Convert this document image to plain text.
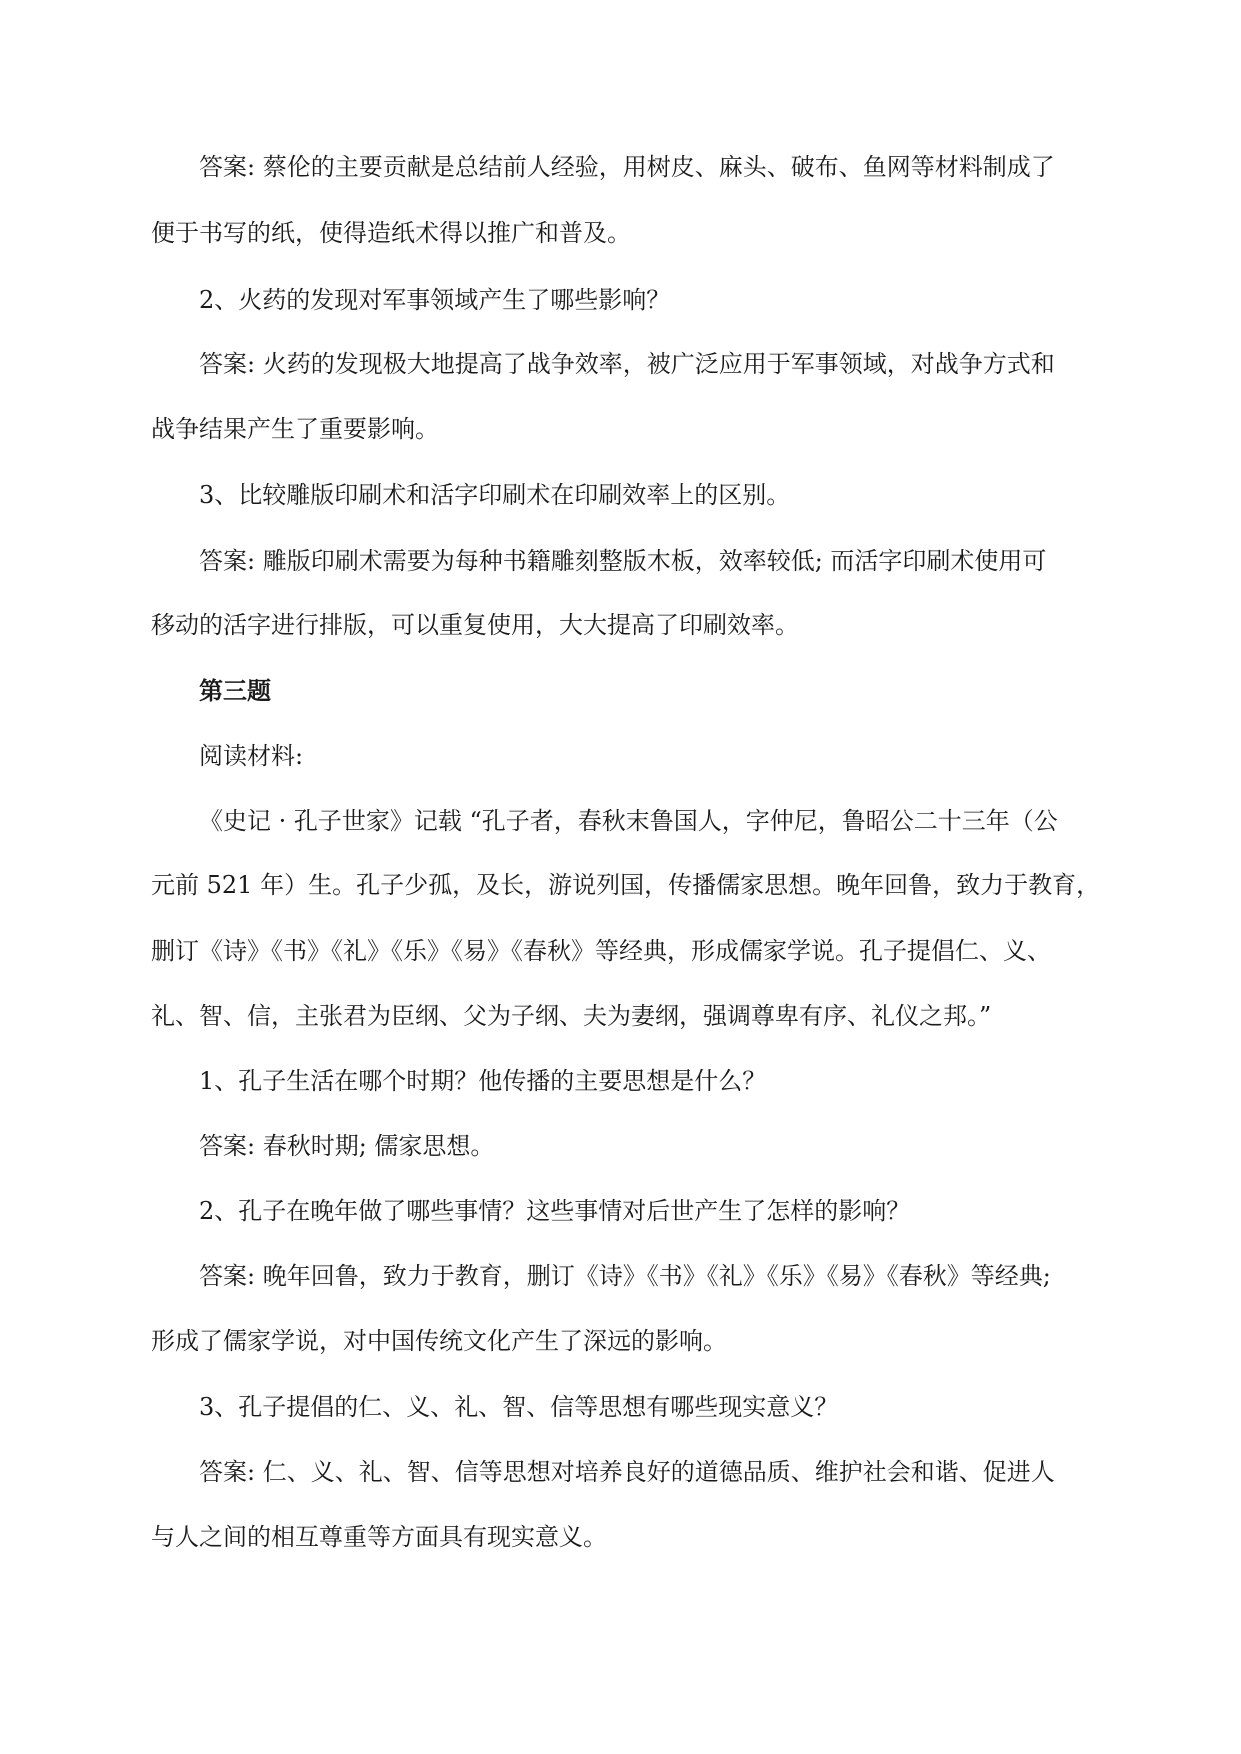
答案: 蔡伦的主要贡献是总结前人经验，用树皮、麻头、破布、鱼网等材料制成了

便于书写的纸，使得造纸术得以推广和普及。

2、火药的发现对军事领域产生了哪些影响？

答案: 火药的发现极大地提高了战争效率，被广泛应用于军事领域，对战争方式和

战争结果产生了重要影响。

3、比较雕版印刷术和活字印刷术在印刷效率上的区别。

答案: 雕版印刷术需要为每种书籍雕刻整版木板，效率较低; 而活字印刷术使用可

移动的活字进行排版，可以重复使用，大大提高了印刷效率。

第三题

阅读材料:

《史记 · 孔子世家》记载 “孔子者，春秋末鲁国人，字仲尼，鲁昭公二十三年（公

元前 521 年）生。孔子少孤，及长，游说列国，传播儒家思想。晚年回鲁，致力于教育，

删订《诗》《书》《礼》《乐》《易》《春秋》等经典，形成儒家学说。孔子提倡仁、义、

礼、智、信，主张君为臣纲、父为子纲、夫为妻纲，强调尊卑有序、礼仪之邦。”

1、孔子生活在哪个时期？他传播的主要思想是什么？

答案: 春秋时期; 儒家思想。

2、孔子在晚年做了哪些事情？这些事情对后世产生了怎样的影响？

答案: 晚年回鲁，致力于教育，删订《诗》《书》《礼》《乐》《易》《春秋》等经典;

形成了儒家学说，对中国传统文化产生了深远的影响。

3、孔子提倡的仁、义、礼、智、信等思想有哪些现实意义？

答案: 仁、义、礼、智、信等思想对培养良好的道德品质、维护社会和谐、促进人

与人之间的相互尊重等方面具有现实意义。
